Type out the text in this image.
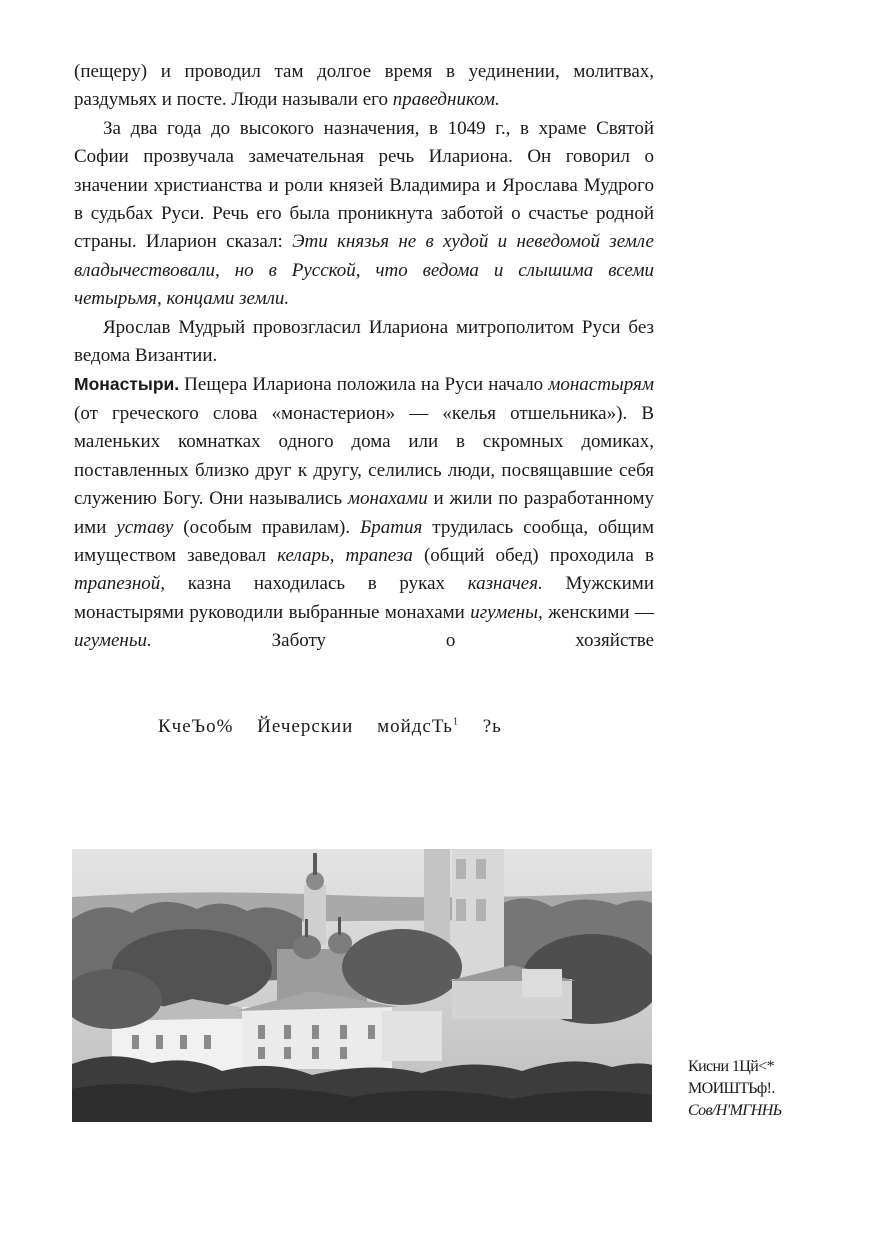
(пещеру) и проводил там долгое время в уединении, молитвах, раздумьях и посте. Люди называли его праведником.

За два года до высокого назначения, в 1049 г., в храме Святой Софии прозвучала замечательная речь Илариона. Он говорил о значении христианства и роли князей Владимира и Ярослава Мудрого в судьбах Руси. Речь его была проникнута заботой о счастье родной страны. Иларион сказал: Эти князья не в худой и неведомой земле владычествовали, но в Русской, что ведома и слышима всеми четырьмя, концами земли.

Ярослав Мудрый провозгласил Илариона митрополитом Руси без ведома Византии.

Монастыри. Пещера Илариона положила на Руси начало монастырям (от греческого слова «монастерион» — «келья отшельника»). В маленьких комнатках одного дома или в скромных домиках, поставленных близко друг к другу, селились люди, посвящавшие себя служению Богу. Они назывались монахами и жили по разработанному ими уставу (особым правилам). Братия трудилась сообща, общим имуществом заведовал келарь, трапеза (общий обед) проходила в трапезной, казна находилась в руках казначея. Мужскими монастырями руководили выбранные монахами игумены, женскими — игуменьи. Заботу о хозяйстве

КчеЪо% Йечерскии мойдсТь$^1$ ?ь
Кисни 1Цй<*
МОИШТЬф!.
Сов/Н'МГННЬ
